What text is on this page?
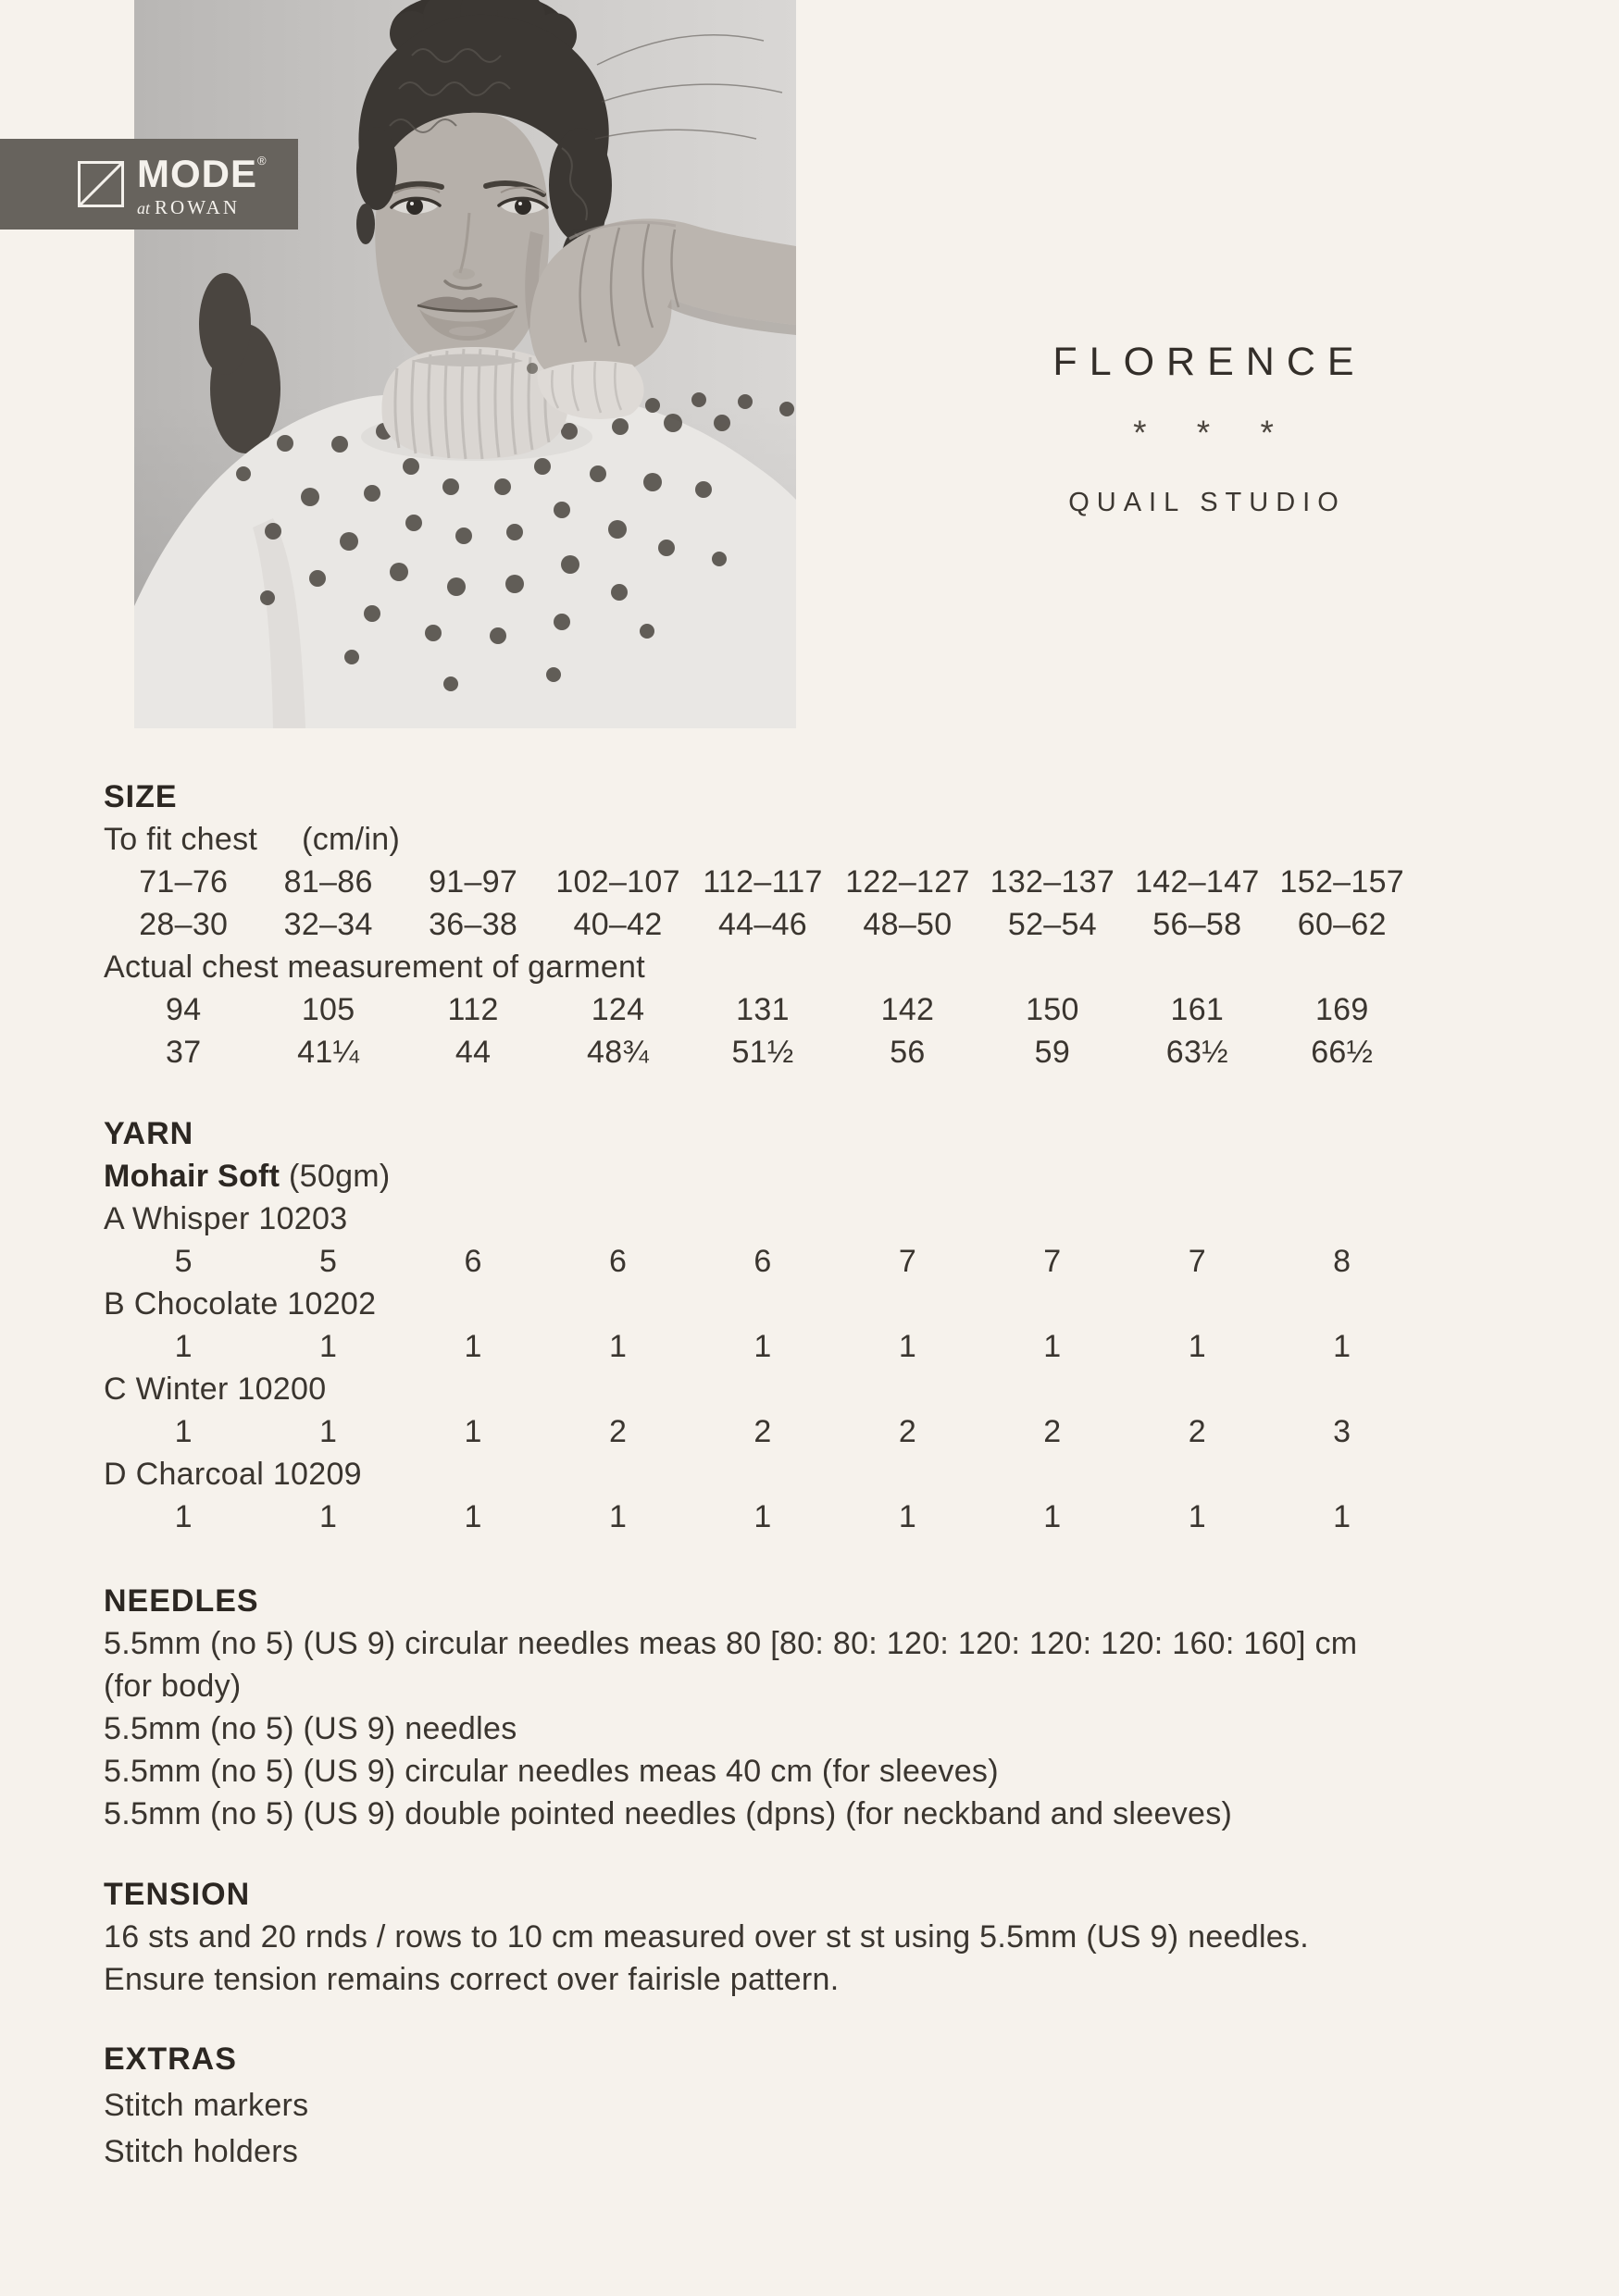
MODE®
at ROWAN
FLORENCE
* * *
QUAIL STUDIO
SIZE
To fit chest (cm/in)
71–76	81–86	91–97	102–107 112–117 122–127 132–137 142–147 152–157
28–30	32–34	36–38	40–42	44–46	48–50	52–54	56–58	60–62
Actual chest measurement of garment
94	105	112	124	131	142	150	161	169
37	41¼	44	48¾	51½	56	59	63½	66½
YARN
Mohair Soft (50gm)
A Whisper 10203
5	5	6	6	6	7	7	7	8
B Chocolate 10202
1	1	1	1	1	1	1	1	1
C Winter 10200
1	1	1	2	2	2	2	2	3
D Charcoal 10209
1	1	1	1	1	1	1	1	1
NEEDLES
5.5mm (no 5) (US 9) circular needles meas 80 [80: 80: 120: 120: 120: 120: 160: 160] cm
(for body)
5.5mm (no 5) (US 9) needles
5.5mm (no 5) (US 9) circular needles meas 40 cm (for sleeves)
5.5mm (no 5) (US 9) double pointed needles (dpns) (for neckband and sleeves)
TENSION
16 sts and 20 rnds / rows to 10 cm measured over st st using 5.5mm (US 9) needles.
Ensure tension remains correct over fairisle pattern.
EXTRAS
Stitch markers
Stitch holders
